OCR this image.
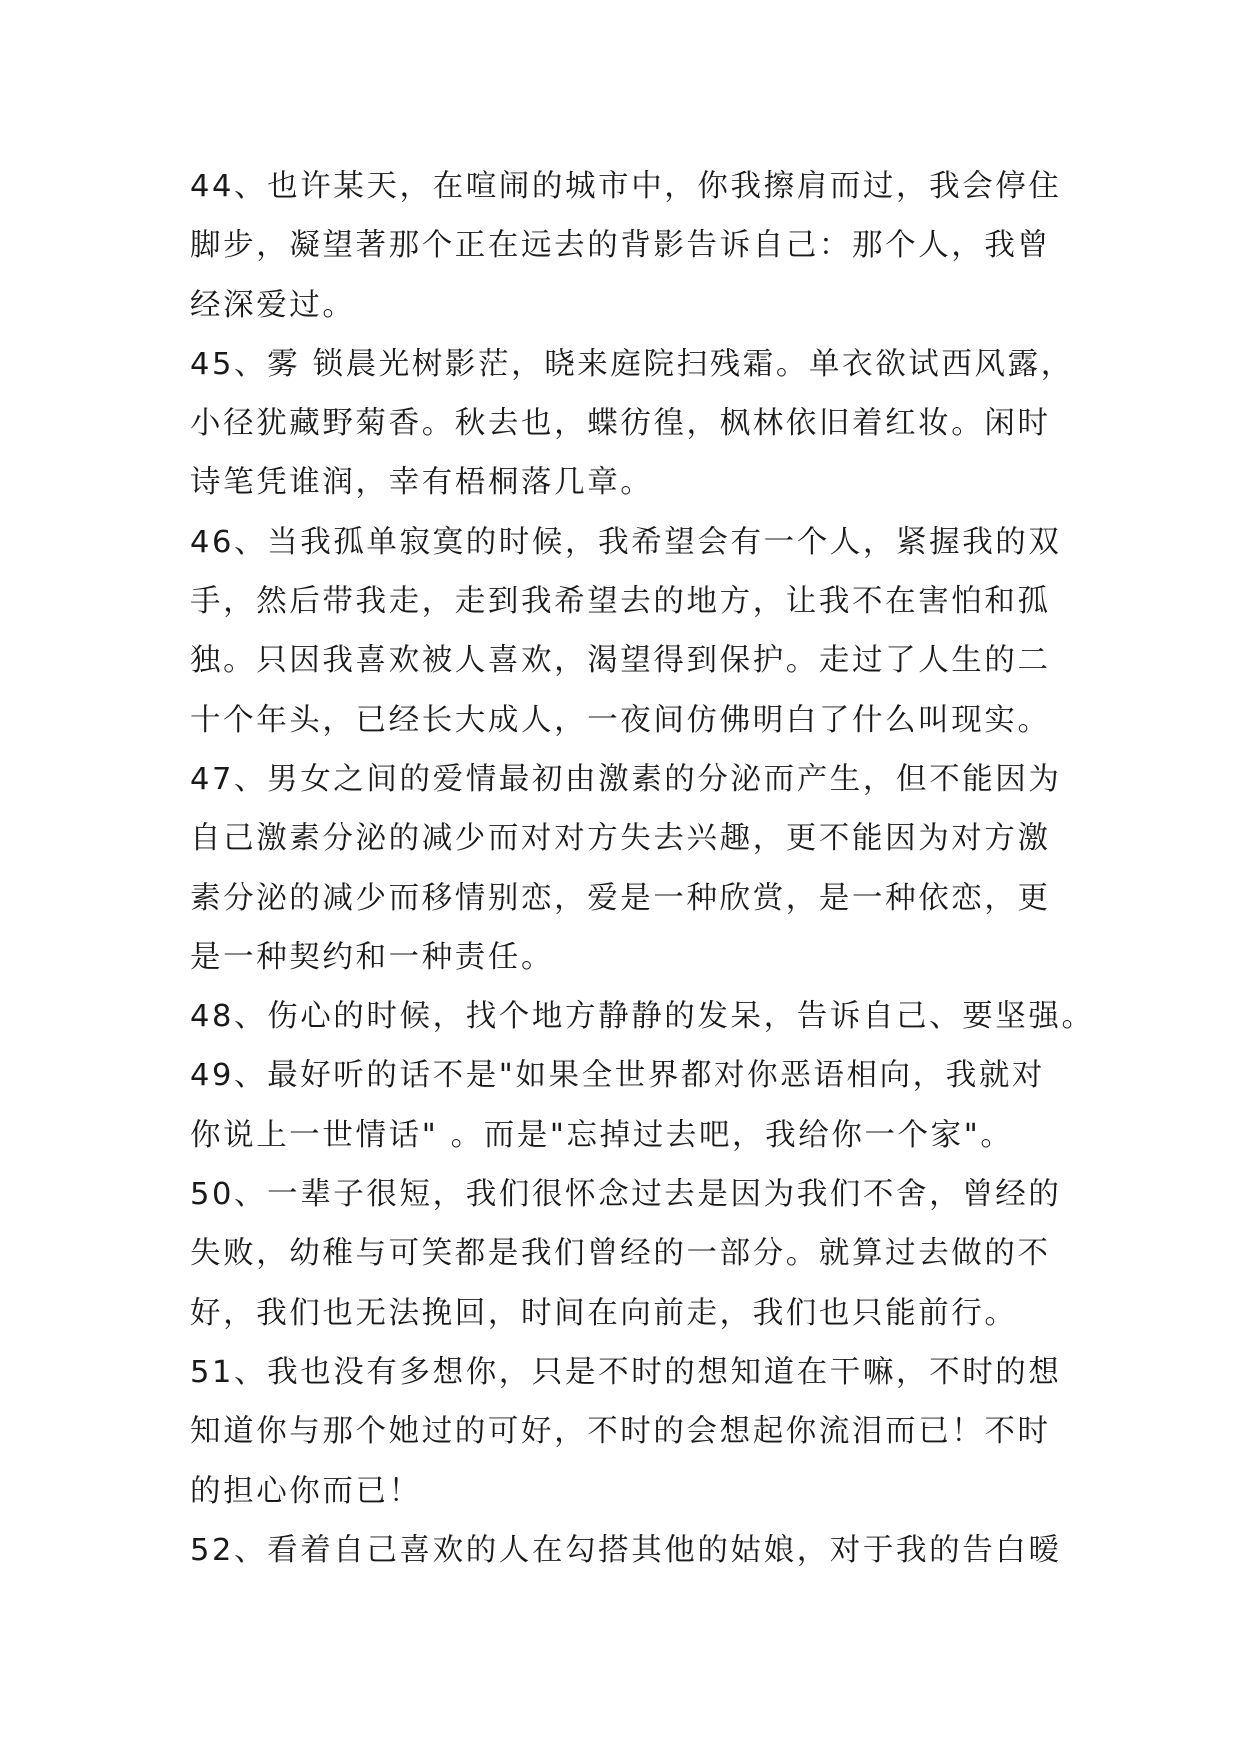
44、也许某天，在喧闹的城市中，你我擦肩而过，我会停住
脚步，凝望著那个正在远去的背影告诉自己：那个人，我曾
经深爱过。
45、雾 锁晨光树影茫，晓来庭院扫残霜。单衣欲试西风露，
小径犹藏野菊香。秋去也，蝶彷徨，枫林依旧着红妆。闲时
诗笔凭谁润，幸有梧桐落几章。
46、当我孤单寂寞的时候，我希望会有一个人，紧握我的双
手，然后带我走，走到我希望去的地方，让我不在害怕和孤
独。只因我喜欢被人喜欢，渴望得到保护。走过了人生的二
十个年头，已经长大成人，一夜间仿佛明白了什么叫现实。
47、男女之间的爱情最初由激素的分泌而产生，但不能因为
自己激素分泌的减少而对对方失去兴趣，更不能因为对方激
素分泌的减少而移情别恋，爱是一种欣赏，是一种依恋，更
是一种契约和一种责任。
48、伤心的时候，找个地方静静的发呆，告诉自己、要坚强。
49、最好听的话不是"如果全世界都对你恶语相向，我就对
你说上一世情话" 。而是"忘掉过去吧，我给你一个家"。
50、一辈子很短，我们很怀念过去是因为我们不舍，曾经的
失败，幼稚与可笑都是我们曾经的一部分。就算过去做的不
好，我们也无法挽回，时间在向前走，我们也只能前行。
51、我也没有多想你，只是不时的想知道在干嘛，不时的想
知道你与那个她过的可好，不时的会想起你流泪而已！不时
的担心你而已！
52、看着自己喜欢的人在勾搭其他的姑娘，对于我的告白暧
